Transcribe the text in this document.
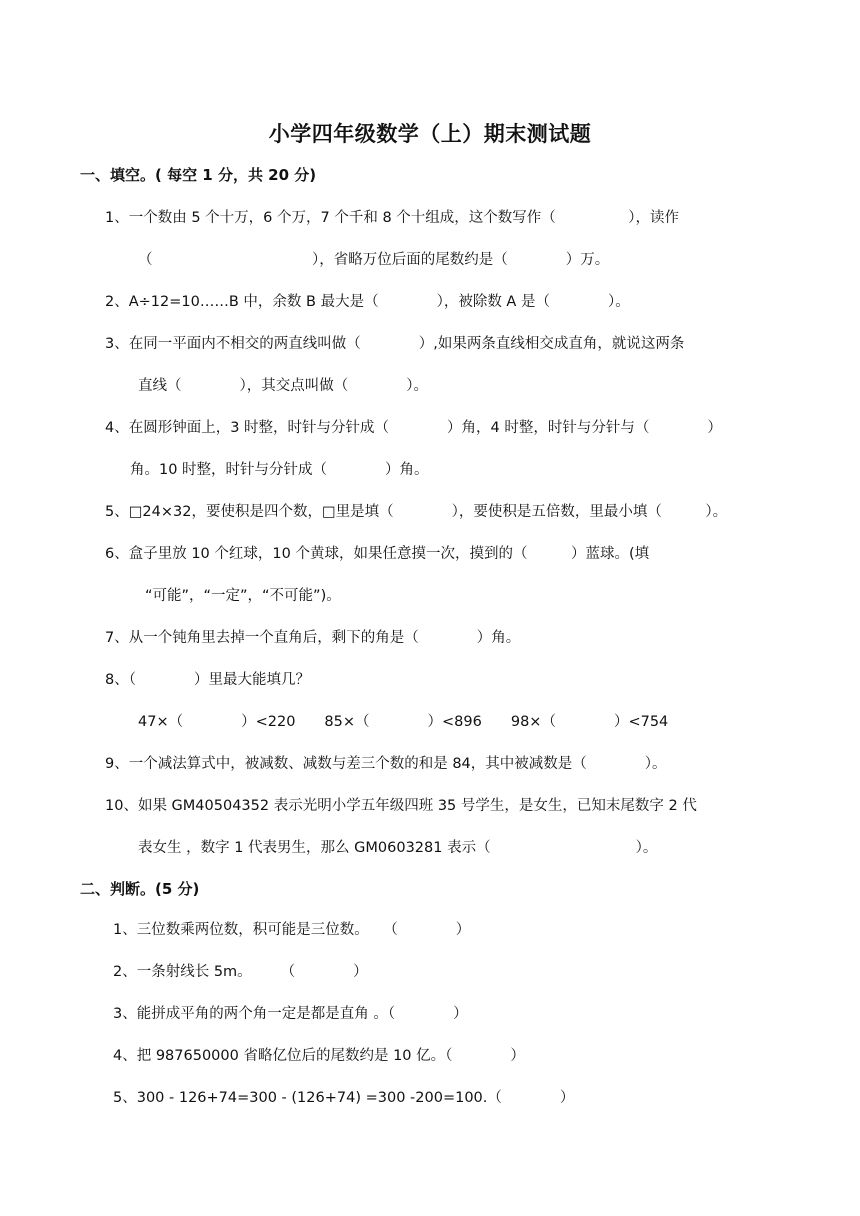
小学四年级数学（上）期末测试题
一、填空。( 每空 1 分，共 20 分)
1、一个数由 5 个十万，6 个万，7 个千和 8 个十组成，这个数写作（　　　　　），读作
（　　　　　　　　　　　），省略万位后面的尾数约是（　　　　）万。
2、A÷12=10……B 中，余数 B 最大是（　　　　），被除数 A 是（　　　　）。
3、在同一平面内不相交的两直线叫做（　　　　）,如果两条直线相交成直角，就说这两条
直线（　　　　），其交点叫做（　　　　）。
4、在圆形钟面上，3 时整，时针与分针成（　　　　）角，4 时整，时针与分针与（　　　　）
角。10 时整，时针与分针成（　　　　）角。
5、□24×32，要使积是四个数，□里是填（　　　　），要使积是五倍数，里最小填（　　　）。
6、盒子里放 10 个红球，10 个黄球，如果任意摸一次，摸到的（　　　）蓝球。(填
“可能”，“一定”，“不可能”)。
7、从一个钝角里去掉一个直角后，剩下的角是（　　　　）角。
8、（　　　　）里最大能填几？
47×（　　　　）<220　　85×（　　　　）<896　　98×（　　　　）<754
9、一个减法算式中，被减数、减数与差三个数的和是 84，其中被减数是（　　　　）。
10、如果 GM40504352 表示光明小学五年级四班 35 号学生，是女生，已知末尾数字 2 代
表女生 ，数字 1 代表男生，那么 GM0603281 表示（　　　　　　　　　　）。
二、判断。(5 分)
1、三位数乘两位数，积可能是三位数。　　（　　　　）
2、一条射线长 5m。　　　（　　　　）
3、能拼成平角的两个角一定是都是直角 。（　　　　）
4、把 987650000 省略亿位后的尾数约是 10 亿。（　　　　）
5、300 - 126+74=300 - (126+74) =300 -200=100.（　　　　）
